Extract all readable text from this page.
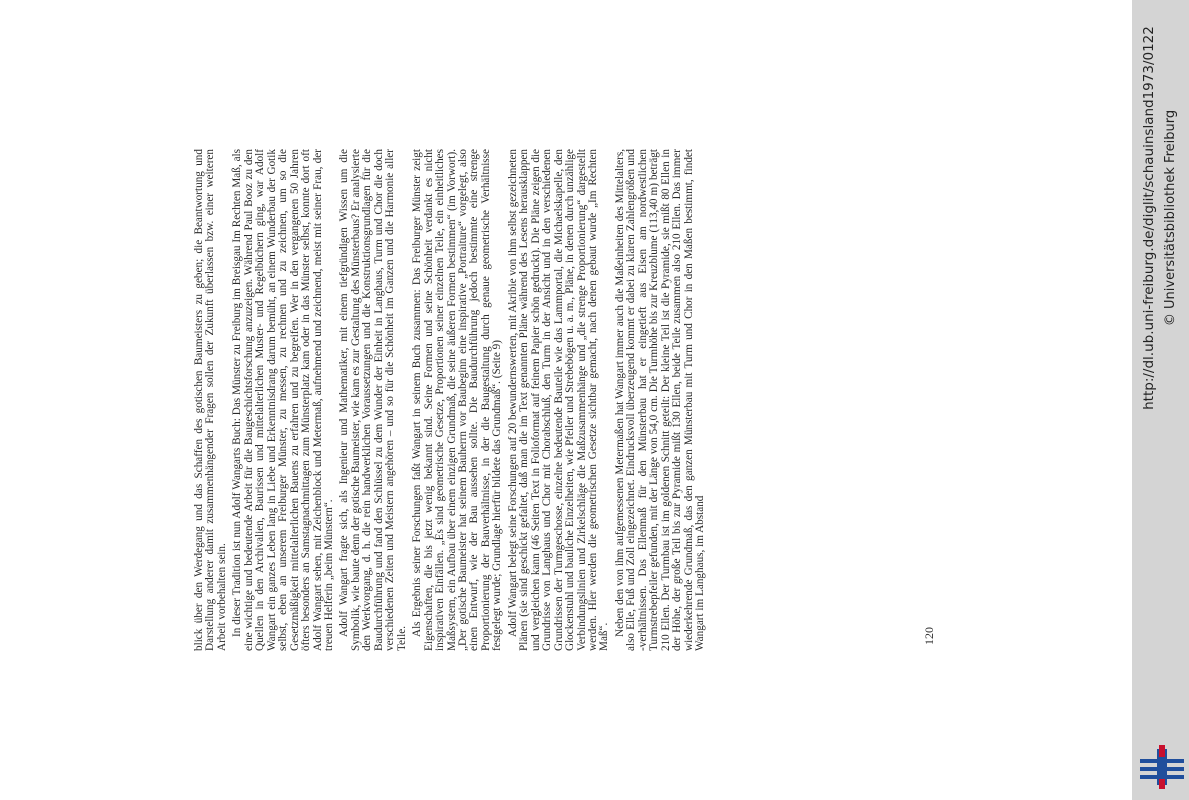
blick über den Werdegang und das Schaffen des gotischen Baumeisters zu geben; die Beantwortung und Darstellung anderer damit zusammenhängender Fragen sollen der Zukunft überlassen bzw. einer weiteren Arbeit vorbehalten sein. In dieser Tradition ist nun Adolf Wangarts Buch: Das Münster zu Freiburg im Breisgau Im Rechten Maß, als eine wichtige und bedeutende Arbeit für die Baugeschichtsforschung anzuzeigen. Während Paul Booz zu den Quellen in den Archivalien, Baurissen und mittelalterlichen Muster- und Regelbüchern ging, war Adolf Wangart ein ganzes Leben lang in Liebe und Erkenntnisdrang darum bemüht, an einem Wunderbau der Gotik selbst, eben an unserem Freiburger Münster, zu messen, zu rechnen und zu zeichnen, um so die Gesetzmäßigkeit mittelalterlichen Bauens zu erfahren und zu begreifen. Wer in den vergangenen 50 Jahren öfters besonders an Samstagnachmittagen zum Münsterplatz kam oder in das Münster selbst, konnte dort oft Adolf Wangart sehen, mit Zeichenblock und Metermaß, aufnehmend und zeichnend, meist mit seiner Frau, der treuen Helferin „beim Münstern“. Adolf Wangart fragte sich, als Ingenieur und Mathematiker, mit einem tiefgründigen Wissen um die Symbolik, wie baute denn der gotische Baumeister, wie kam es zur Gestaltung des Münsterbaus? Er analysierte den Werkvorgang, d. h. die rein handwerklichen Voraussetzungen und die Konstruktionsgrundlagen für die Baudurchführung und fand den Schlüssel zu dem Wunder der Einheit in Langhaus, Turm und Chor die doch verschiedenen Zeiten und Meistern angehören – und so für die Schönheit im Ganzen und die Harmonie aller Teile.

Als Ergebnis seiner Forschungen faßt Wangart in seinem Buch zusammen: Das Freiburger Münster zeigt Eigenschaften, die bis jetzt wenig bekannt sind. Seine Formen und seine Schönheit verdankt es nicht inspirativen Einfällen. „Es sind geometrische Gesetze, Proportionen seiner einzelnen Teile, ein einheitliches Maßsystem, ein Aufbau über einem einzigen Grundmaß, die seine äußeren Formen bestimmen“ (im Vorwort). „Der gotische Baumeister hat seinem Bauherrn vor Baubeginn eine inspirative „Portraiture“ vorgelegt, also einen Entwurf, wie der Bau aussehen sollte. Die Baudurchführung jedoch bestimmte eine strenge Proportionierung der Bauverhältnisse, in der die Baugestaltung durch genaue geometrische Verhältnisse festgelegt wurde; Grundlage hierfür bildete das Grundmaß“. (Seite 9) Adolf Wangart belegt seine Forschungen auf 20 bewundernswerten, mit Akribie von ihm selbst gezeichneten Plänen (sie sind geschickt gefaltet, daß man die im Text genannten Pläne während des Lesens herausklappen und vergleichen kann (46 Seiten Text in Folioformat auf feinem Papier schön gedruckt). Die Pläne zeigen die Grundrisse von Langhaus und Chor mit Chorabschluß, den Turm in der Ansicht und in den verschiedenen Grundrissen der Turmgeschosse, einzelne bedeutende Bauteile wie das Lammportal, die Michaelskapelle, den Glockenstuhl und bauliche Einzelheiten, wie Pfeiler und Strebebögen u. a. m., Pläne, in denen durch unzählige Verbindungslinien und Zirkelschläge die Maßzusammenhänge und „die strenge Proportionierung“ dargestellt werden. Hier werden die geometrischen Gesetze sichtbar gemacht, nach denen gebaut wurde „Im Rechten Maß“. Neben den von ihm aufgemessenen Metermaßen hat Wangart immer auch die Maßeinheiten des Mittelalters, also Elle, Fuß und Zoll eingezeichnet. Eindrucksvoll überzeugend kommt er dabei zu klaren Zahlengrößen und -verhältnissen. Das Ellenmaß für den Münsterbau hat er eingetieft aus Eisen am nordwestlichen Turmstrebepfeiler gefunden, mit der Länge von 54,0 cm. Die Turmhöhe bis zur Kreuzblume (113,40 m) beträgt 210 Ellen. Der Turmbau ist im goldenen Schnitt geteilt: Der kleine Teil ist die Pyramide, sie mißt 80 Ellen in der Höhe, der große Teil bis zur Pyramide mißt 130 Ellen, beide Teile zusammen also 210 Ellen. Das immer wiederkehrende Grundmaß, das den ganzen Münsterbau mit Turm und Chor in den Maßen bestimmt, findet Wangart im Langhaus, im Abstand	120
http://dl.ub.uni-freiburg.de/diglit/schauinsland1973/0122 © Universitätsbibliothek Freiburg
